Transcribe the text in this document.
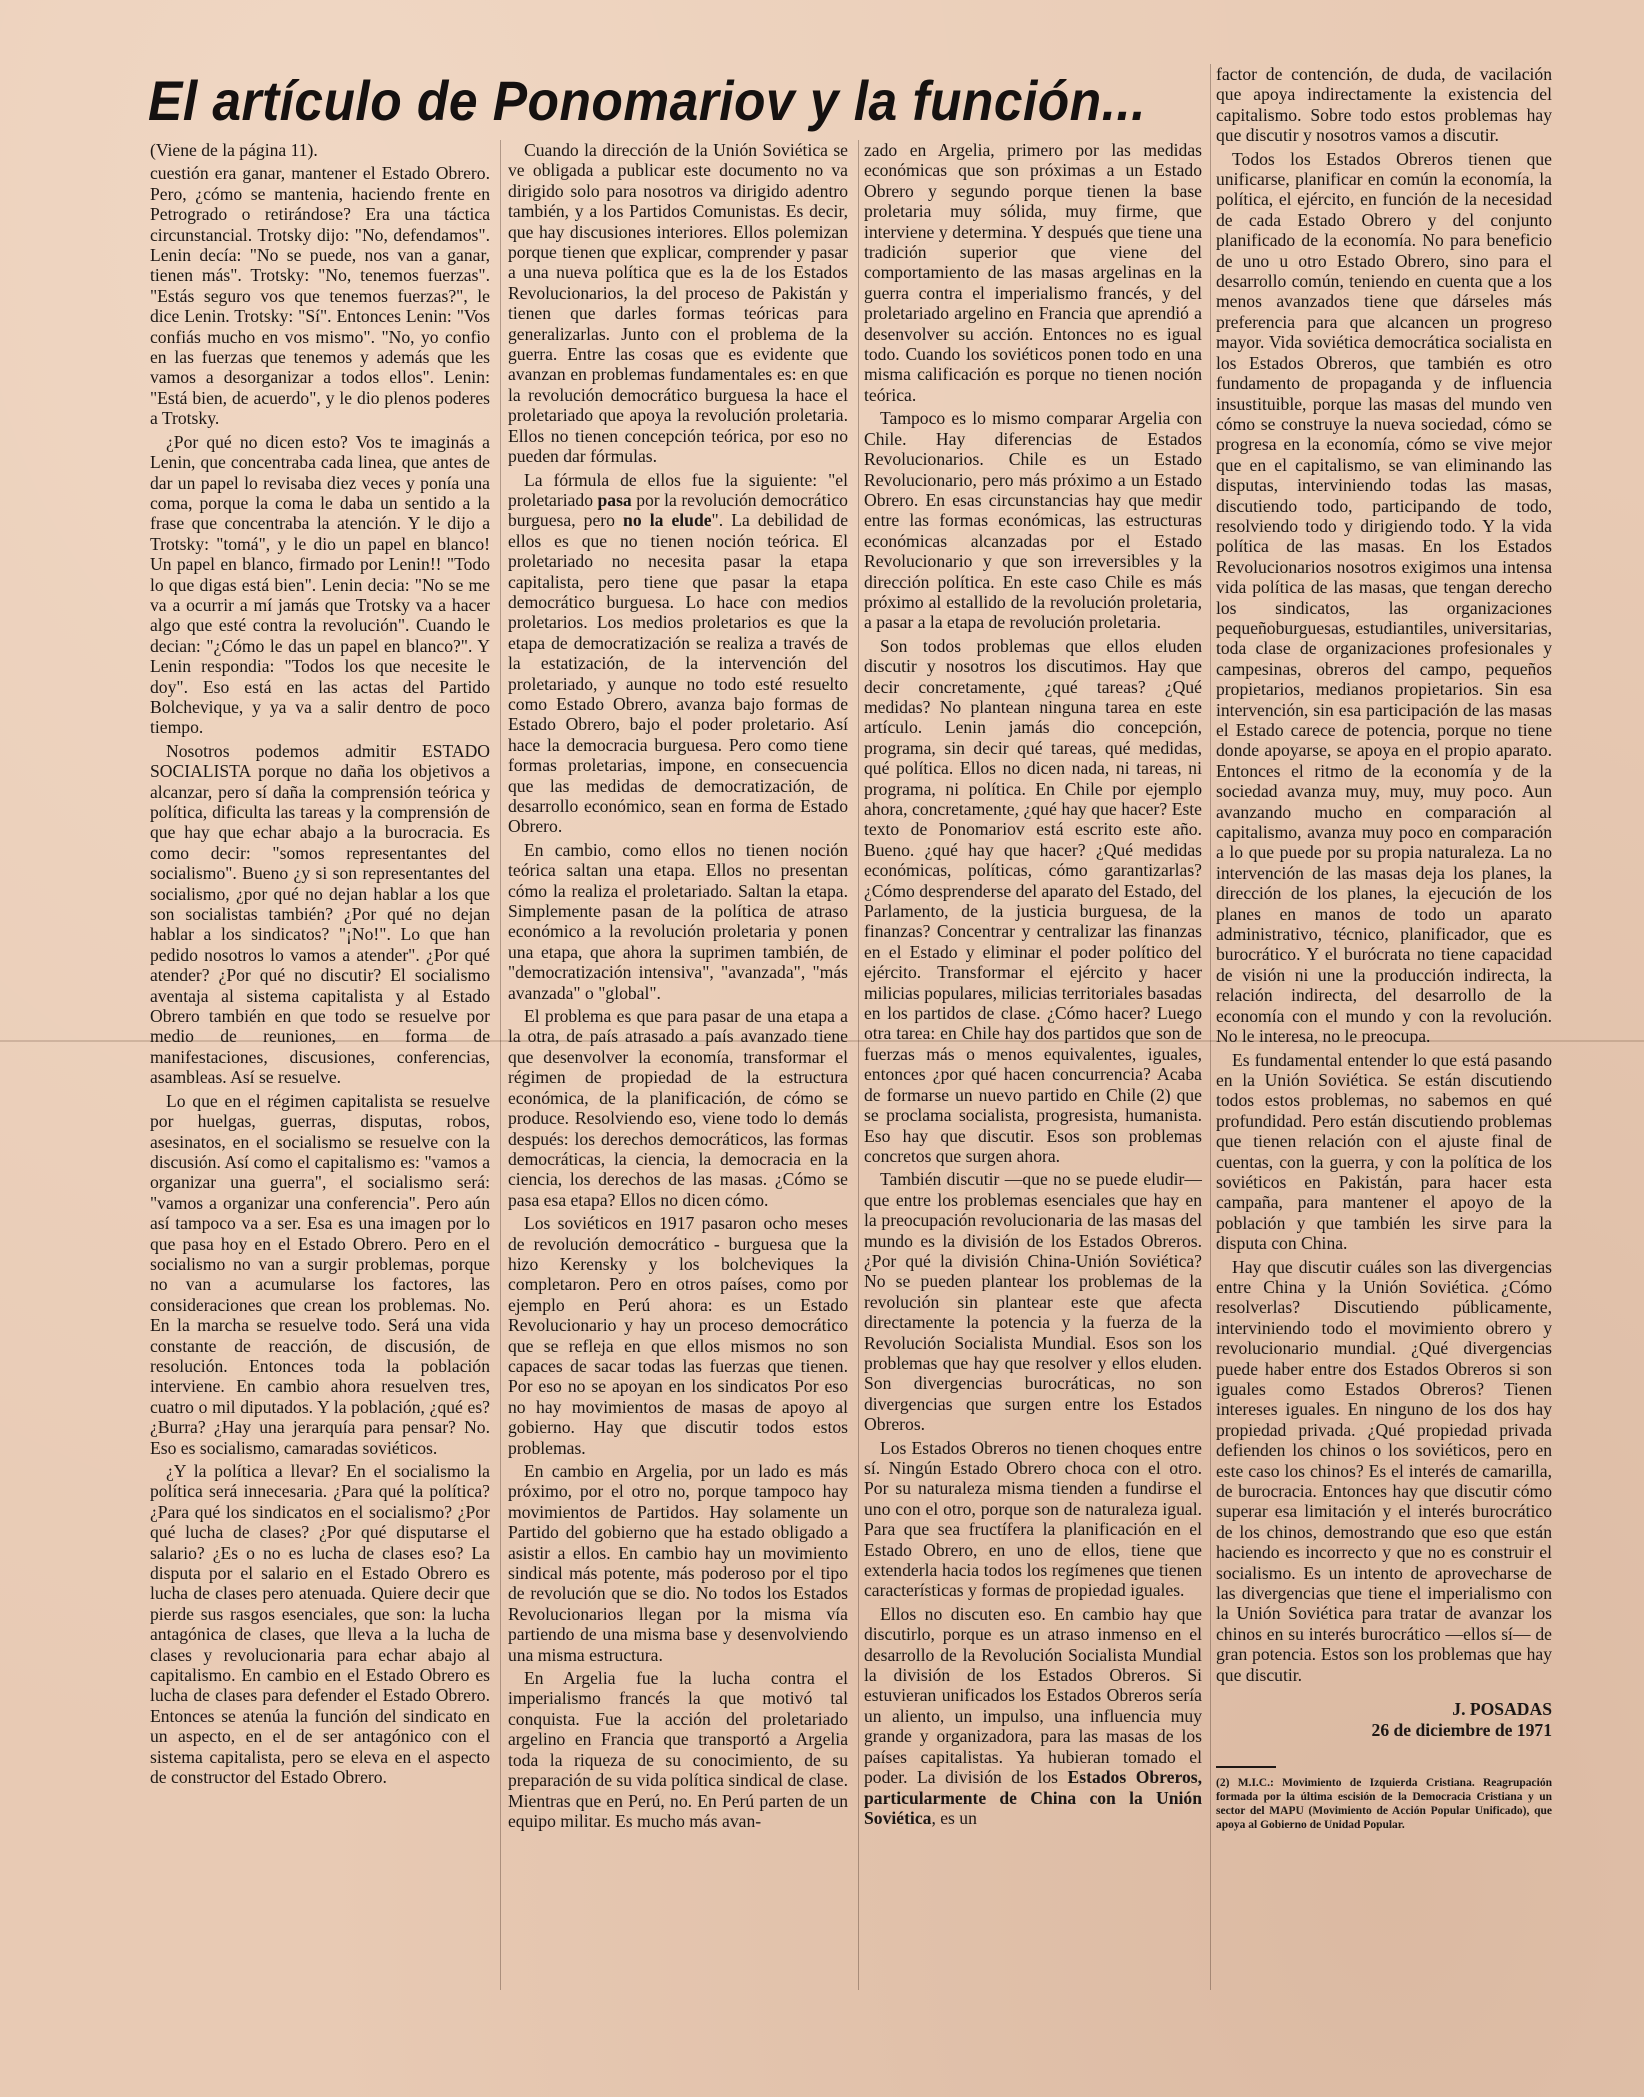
El artículo de Ponomariov y la función...

(Viene de la página 11).

cuestión era ganar, mantener el Estado Obrero. Pero, ¿cómo se mantenia, haciendo frente en Petrogrado o retirándose? Era una táctica circunstancial. Trotsky dijo: "No, defendamos". Lenin decía: "No se puede, nos van a ganar, tienen más". Trotsky: "No, tenemos fuerzas". "Estás seguro vos que tenemos fuerzas?", le dice Lenin. Trotsky: "Sí". Entonces Lenin: "Vos confiás mucho en vos mismo". "No, yo confio en las fuerzas que tenemos y además que les vamos a desorganizar a todos ellos". Lenin: "Está bien, de acuerdo", y le dio plenos poderes a Trotsky.

¿Por qué no dicen esto? Vos te imaginás a Lenin, que concentraba cada linea, que antes de dar un papel lo revisaba diez veces y ponía una coma, porque la coma le daba un sentido a la frase que concentraba la atención. Y le dijo a Trotsky: "tomá", y le dio un papel en blanco! Un papel en blanco, firmado por Lenin!! "Todo lo que digas está bien". Lenin decia: "No se me va a ocurrir a mí jamás que Trotsky va a hacer algo que esté contra la revolución". Cuando le decian: "¿Cómo le das un papel en blanco?". Y Lenin respondia: "Todos los que necesite le doy". Eso está en las actas del Partido Bolchevique, y ya va a salir dentro de poco tiempo.

Nosotros podemos admitir ESTADO SOCIALISTA porque no daña los objetivos a alcanzar, pero sí daña la comprensión teórica y política, dificulta las tareas y la comprensión de que hay que echar abajo a la burocracia. Es como decir: "somos representantes del socialismo". Bueno ¿y si son representantes del socialismo, ¿por qué no dejan hablar a los que son socialistas también? ¿Por qué no dejan hablar a los sindicatos? "¡No!". Lo que han pedido nosotros lo vamos a atender". ¿Por qué atender? ¿Por qué no discutir? El socialismo aventaja al sistema capitalista y al Estado Obrero también en que todo se resuelve por medio de reuniones, en forma de manifestaciones, discusiones, conferencias, asambleas. Así se resuelve.

Lo que en el régimen capitalista se resuelve por huelgas, guerras, disputas, robos, asesinatos, en el socialismo se resuelve con la discusión. Así como el capitalismo es: "vamos a organizar una guerra", el socialismo será: "vamos a organizar una conferencia". Pero aún así tampoco va a ser. Esa es una imagen por lo que pasa hoy en el Estado Obrero. Pero en el socialismo no van a surgir problemas, porque no van a acumularse los factores, las consideraciones que crean los problemas. No. En la marcha se resuelve todo. Será una vida constante de reacción, de discusión, de resolución. Entonces toda la población interviene. En cambio ahora resuelven tres, cuatro o mil diputados. Y la población, ¿qué es? ¿Burra? ¿Hay una jerarquía para pensar? No. Eso es socialismo, camaradas soviéticos.

¿Y la política a llevar? En el socialismo la política será innecesaria. ¿Para qué la política? ¿Para qué los sindicatos en el socialismo? ¿Por qué lucha de clases? ¿Por qué disputarse el salario? ¿Es o no es lucha de clases eso? La disputa por el salario en el Estado Obrero es lucha de clases pero atenuada. Quiere decir que pierde sus rasgos esenciales, que son: la lucha antagónica de clases, que lleva a la lucha de clases y revolucionaria para echar abajo al capitalismo. En cambio en el Estado Obrero es lucha de clases para defender el Estado Obrero. Entonces se atenúa la función del sindicato en un aspecto, en el de ser antagónico con el sistema capitalista, pero se eleva en el aspecto de constructor del Estado Obrero.

Cuando la dirección de la Unión Soviética se ve obligada a publicar este documento no va dirigido solo para nosotros va dirigido adentro también, y a los Partidos Comunistas. Es decir, que hay discusiones interiores. Ellos polemizan porque tienen que explicar, comprender y pasar a una nueva política que es la de los Estados Revolucionarios, la del proceso de Pakistán y tienen que darles formas teóricas para generalizarlas. Junto con el problema de la guerra. Entre las cosas que es evidente que avanzan en problemas fundamentales es: en que la revolución democrático burguesa la hace el proletariado que apoya la revolución proletaria. Ellos no tienen concepción teórica, por eso no pueden dar fórmulas.

La fórmula de ellos fue la siguiente: "el proletariado pasa por la revolución democrático burguesa, pero no la elude". La debilidad de ellos es que no tienen noción teórica. El proletariado no necesita pasar la etapa capitalista, pero tiene que pasar la etapa democrático burguesa. Lo hace con medios proletarios. Los medios proletarios es que la etapa de democratización se realiza a través de la estatización, de la intervención del proletariado, y aunque no todo esté resuelto como Estado Obrero, avanza bajo formas de Estado Obrero, bajo el poder proletario. Así hace la democracia burguesa. Pero como tiene formas proletarias, impone, en consecuencia que las medidas de democratización, de desarrollo económico, sean en forma de Estado Obrero.

En cambio, como ellos no tienen noción teórica saltan una etapa. Ellos no presentan cómo la realiza el proletariado. Saltan la etapa. Simplemente pasan de la política de atraso económico a la revolución proletaria y ponen una etapa, que ahora la suprimen también, de "democratización intensiva", "avanzada", "más avanzada" o "global".

El problema es que para pasar de una etapa a la otra, de país atrasado a país avanzado tiene que desenvolver la economía, transformar el régimen de propiedad de la estructura económica, de la planificación, de cómo se produce. Resolviendo eso, viene todo lo demás después: los derechos democráticos, las formas democráticas, la ciencia, la democracia en la ciencia, los derechos de las masas. ¿Cómo se pasa esa etapa? Ellos no dicen cómo.

Los soviéticos en 1917 pasaron ocho meses de revolución democrático - burguesa que la hizo Kerensky y los bolcheviques la completaron. Pero en otros países, como por ejemplo en Perú ahora: es un Estado Revolucionario y hay un proceso democrático que se refleja en que ellos mismos no son capaces de sacar todas las fuerzas que tienen. Por eso no se apoyan en los sindicatos Por eso no hay movimientos de masas de apoyo al gobierno. Hay que discutir todos estos problemas.

En cambio en Argelia, por un lado es más próximo, por el otro no, porque tampoco hay movimientos de Partidos. Hay solamente un Partido del gobierno que ha estado obligado a asistir a ellos. En cambio hay un movimiento sindical más potente, más poderoso por el tipo de revolución que se dio. No todos los Estados Revolucionarios llegan por la misma vía partiendo de una misma base y desenvolviendo una misma estructura.

En Argelia fue la lucha contra el imperialismo francés la que motivó tal conquista. Fue la acción del proletariado argelino en Francia que transportó a Argelia toda la riqueza de su conocimiento, de su preparación de su vida política sindical de clase. Mientras que en Perú, no. En Perú parten de un equipo militar. Es mucho más avan-

zado en Argelia, primero por las medidas económicas que son próximas a un Estado Obrero y segundo porque tienen la base proletaria muy sólida, muy firme, que interviene y determina. Y después que tiene una tradición superior que viene del comportamiento de las masas argelinas en la guerra contra el imperialismo francés, y del proletariado argelino en Francia que aprendió a desenvolver su acción. Entonces no es igual todo. Cuando los soviéticos ponen todo en una misma calificación es porque no tienen noción teórica.

Tampoco es lo mismo comparar Argelia con Chile. Hay diferencias de Estados Revolucionarios. Chile es un Estado Revolucionario, pero más próximo a un Estado Obrero. En esas circunstancias hay que medir entre las formas económicas, las estructuras económicas alcanzadas por el Estado Revolucionario y que son irreversibles y la dirección política. En este caso Chile es más próximo al estallido de la revolución proletaria, a pasar a la etapa de revolución proletaria.

Son todos problemas que ellos eluden discutir y nosotros los discutimos. Hay que decir concretamente, ¿qué tareas? ¿Qué medidas? No plantean ninguna tarea en este artículo. Lenin jamás dio concepción, programa, sin decir qué tareas, qué medidas, qué política. Ellos no dicen nada, ni tareas, ni programa, ni política. En Chile por ejemplo ahora, concretamente, ¿qué hay que hacer? Este texto de Ponomariov está escrito este año. Bueno. ¿qué hay que hacer? ¿Qué medidas económicas, políticas, cómo garantizarlas? ¿Cómo desprenderse del aparato del Estado, del Parlamento, de la justicia burguesa, de la finanzas? Concentrar y centralizar las finanzas en el Estado y eliminar el poder político del ejército. Transformar el ejército y hacer milicias populares, milicias territoriales basadas en los partidos de clase. ¿Cómo hacer? Luego otra tarea: en Chile hay dos partidos que son de fuerzas más o menos equivalentes, iguales, entonces ¿por qué hacen concurrencia? Acaba de formarse un nuevo partido en Chile (2) que se proclama socialista, progresista, humanista. Eso hay que discutir. Esos son problemas concretos que surgen ahora.

También discutir —que no se puede eludir— que entre los problemas esenciales que hay en la preocupación revolucionaria de las masas del mundo es la división de los Estados Obreros. ¿Por qué la división China-Unión Soviética? No se pueden plantear los problemas de la revolución sin plantear este que afecta directamente la potencia y la fuerza de la Revolución Socialista Mundial. Esos son los problemas que hay que resolver y ellos eluden. Son divergencias burocráticas, no son divergencias que surgen entre los Estados Obreros.

Los Estados Obreros no tienen choques entre sí. Ningún Estado Obrero choca con el otro. Por su naturaleza misma tienden a fundirse el uno con el otro, porque son de naturaleza igual. Para que sea fructífera la planificación en el Estado Obrero, en uno de ellos, tiene que extenderla hacia todos los regímenes que tienen características y formas de propiedad iguales.

Ellos no discuten eso. En cambio hay que discutirlo, porque es un atraso inmenso en el desarrollo de la Revolución Socialista Mundial la división de los Estados Obreros. Si estuvieran unificados los Estados Obreros sería un aliento, un impulso, una influencia muy grande y organizadora, para las masas de los países capitalistas. Ya hubieran tomado el poder. La división de los Estados Obreros, particularmente de China con la Unión Soviética, es un

factor de contención, de duda, de vacilación que apoya indirectamente la existencia del capitalismo. Sobre todo estos problemas hay que discutir y nosotros vamos a discutir.

Todos los Estados Obreros tienen que unificarse, planificar en común la economía, la política, el ejército, en función de la necesidad de cada Estado Obrero y del conjunto planificado de la economía. No para beneficio de uno u otro Estado Obrero, sino para el desarrollo común, teniendo en cuenta que a los menos avanzados tiene que dárseles más preferencia para que alcancen un progreso mayor. Vida soviética democrática socialista en los Estados Obreros, que también es otro fundamento de propaganda y de influencia insustituible, porque las masas del mundo ven cómo se construye la nueva sociedad, cómo se progresa en la economía, cómo se vive mejor que en el capitalismo, se van eliminando las disputas, interviniendo todas las masas, discutiendo todo, participando de todo, resolviendo todo y dirigiendo todo. Y la vida política de las masas. En los Estados Revolucionarios nosotros exigimos una intensa vida política de las masas, que tengan derecho los sindicatos, las organizaciones pequeñoburguesas, estudiantiles, universitarias, toda clase de organizaciones profesionales y campesinas, obreros del campo, pequeños propietarios, medianos propietarios. Sin esa intervención, sin esa participación de las masas el Estado carece de potencia, porque no tiene donde apoyarse, se apoya en el propio aparato. Entonces el ritmo de la economía y de la sociedad avanza muy, muy, muy poco. Aun avanzando mucho en comparación al capitalismo, avanza muy poco en comparación a lo que puede por su propia naturaleza. La no intervención de las masas deja los planes, la dirección de los planes, la ejecución de los planes en manos de todo un aparato administrativo, técnico, planificador, que es burocrático. Y el burócrata no tiene capacidad de visión ni une la producción indirecta, la relación indirecta, del desarrollo de la economía con el mundo y con la revolución. No le interesa, no le preocupa.

Es fundamental entender lo que está pasando en la Unión Soviética. Se están discutiendo todos estos problemas, no sabemos en qué profundidad. Pero están discutiendo problemas que tienen relación con el ajuste final de cuentas, con la guerra, y con la política de los soviéticos en Pakistán, para hacer esta campaña, para mantener el apoyo de la población y que también les sirve para la disputa con China.

Hay que discutir cuáles son las divergencias entre China y la Unión Soviética. ¿Cómo resolverlas? Discutiendo públicamente, interviniendo todo el movimiento obrero y revolucionario mundial. ¿Qué divergencias puede haber entre dos Estados Obreros si son iguales como Estados Obreros? Tienen intereses iguales. En ninguno de los dos hay propiedad privada. ¿Qué propiedad privada defienden los chinos o los soviéticos, pero en este caso los chinos? Es el interés de camarilla, de burocracia. Entonces hay que discutir cómo superar esa limitación y el interés burocrático de los chinos, demostrando que eso que están haciendo es incorrecto y que no es construir el socialismo. Es un intento de aprovecharse de las divergencias que tiene el imperialismo con la Unión Soviética para tratar de avanzar los chinos en su interés burocrático —ellos sí— de gran potencia. Estos son los problemas que hay que discutir.

J. POSADAS
26 de diciembre de 1971
(2) M.I.C.: Movimiento de Izquierda Cristiana. Reagrupación formada por la última escisión de la Democracia Cristiana y un sector del MAPU (Movimiento de Acción Popular Unificado), que apoya al Gobierno de Unidad Popular.
